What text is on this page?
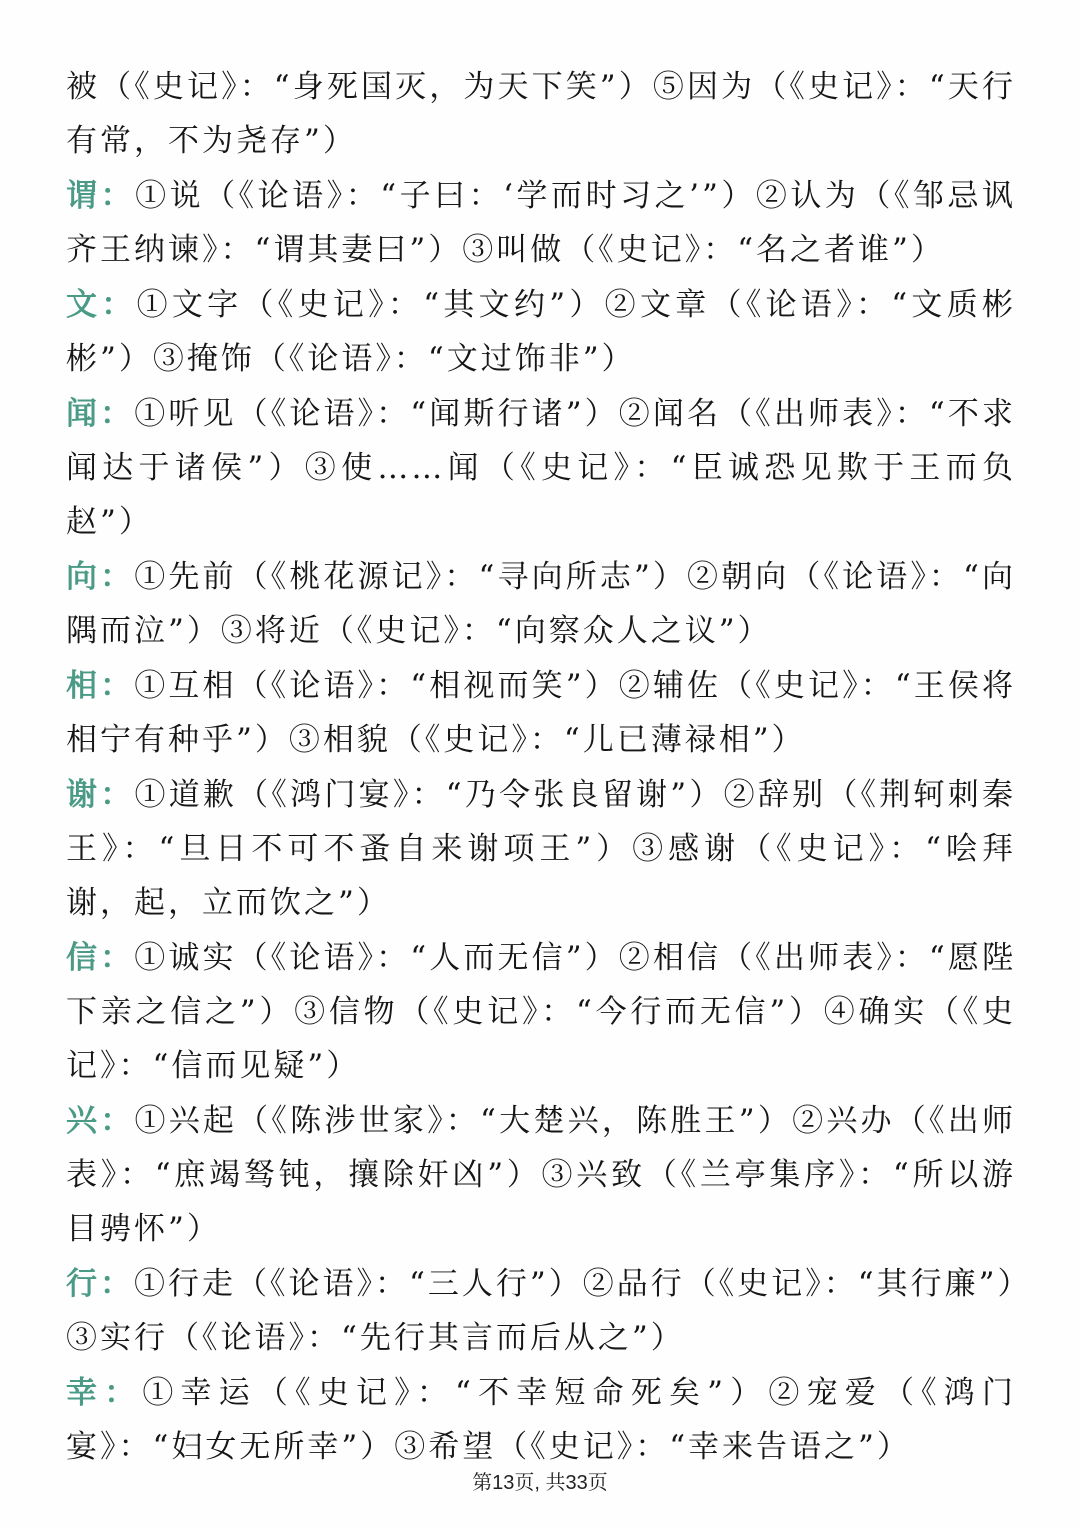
被（《史记》：“身死国灭，为天下笑”）⑤因为（《史记》：“天行有常，不为尧存”）

谓：①说（《论语》：“子曰：‘学而时习之’”）②认为（《邹忌讽齐王纳谏》：“谓其妻曰”）③叫做（《史记》：“名之者谁”）

文：①文字（《史记》：“其文约”）②文章（《论语》：“文质彬彬”）③掩饰（《论语》：“文过饰非”）

闻：①听见（《论语》：“闻斯行诸”）②闻名（《出师表》：“不求闻达于诸侯”）③使……闻（《史记》：“臣诚恐见欺于王而负赵”）

向：①先前（《桃花源记》：“寻向所志”）②朝向（《论语》：“向隅而泣”）③将近（《史记》：“向察众人之议”）

相：①互相（《论语》：“相视而笑”）②辅佐（《史记》：“王侯将相宁有种乎”）③相貌（《史记》：“儿已薄禄相”）

谢：①道歉（《鸿门宴》：“乃令张良留谢”）②辞别（《荆轲刺秦王》：“旦日不可不蚤自来谢项王”）③感谢（《史记》：“哙拜谢，起，立而饮之”）

信：①诚实（《论语》：“人而无信”）②相信（《出师表》：“愿陛下亲之信之”）③信物（《史记》：“今行而无信”）④确实（《史记》：“信而见疑”）

兴：①兴起（《陈涉世家》：“大楚兴，陈胜王”）②兴办（《出师表》：“庶竭驽钝，攘除奸凶”）③兴致（《兰亭集序》：“所以游目骋怀”）

行：①行走（《论语》：“三人行”）②品行（《史记》：“其行廉”）③实行（《论语》：“先行其言而后从之”）

幸：①幸运（《史记》：“不幸短命死矣”）②宠爱（《鸿门宴》：“妇女无所幸”）③希望（《史记》：“幸来告语之”）

第13页, 共33页
